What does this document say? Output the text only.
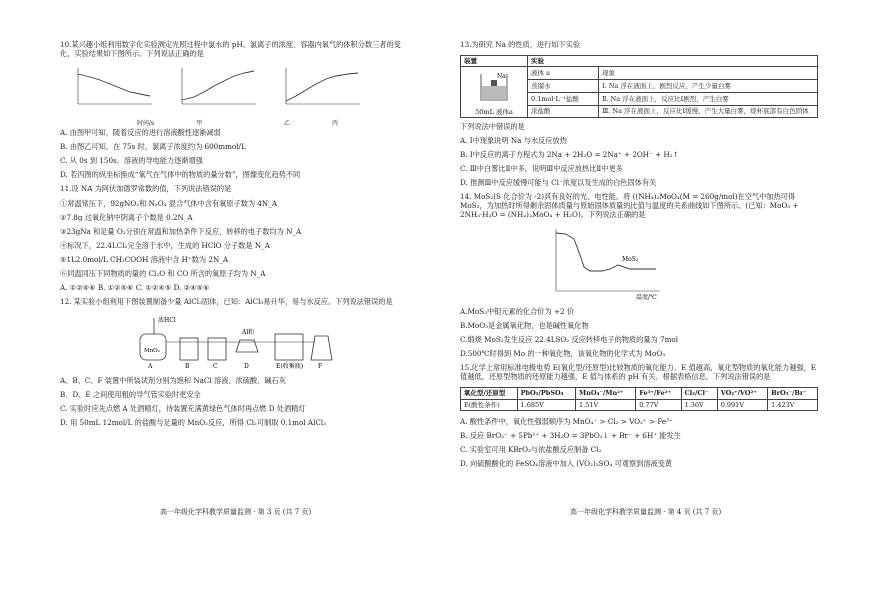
10.某兴趣小组利用数字化实验测定光照过程中氯水的 pH、氯离子的浓度、容器内氧气的体积分数三者的变化，实验结果如下图所示。下列说法正确的是

时间/s	甲	乙	丙

A. 由图甲可知，随着反应的进行溶液酸性逐渐减弱

B. 由图乙可知，在 75s 时，氯离子浓度约为 600mmol/L

C. 从 0s 到 150s，溶液的导电能力逐渐增强

D. 若丙图的纵坐标换成“氧气在气体中的物质的量分数”，图像变化趋势不同

11.设 NA 为阿伏加德罗常数的值，下列说法错误的是

①常温常压下，92gNO₂和 N₂O₄ 混合气体中含有氧原子数为 4N_A

②7.8g 过氧化钠中阴离子个数是 0.2N_A

③23gNa 和足量 O₂分别在常温和加热条件下反应，转移的电子数均为 N_A

④标况下，22.4LCl₂完全溶于水中，生成的 HClO 分子数是 N_A

⑤1L2.0mol/L CH₃COOH 溶液中含 H⁺数为 2N_A

⑥同温同压下同物质的量的 Cl₂O 和 CO 所含的氧原子均为 N_A

A. ①②④⑥ B. ①②⑤⑥ C. ①②④⑤ D. ②④⑤⑥

12. 某实验小组利用下图装置制备少量 AlCl₃固体，已知：AlCl₃易升华，易与水反应。下列说法错误的是

A	B	C	D	E(收集瓶) F
浓HCl
MnO₂
Al粉

A、B、C、F 装置中所装试剂分别为饱和 NaCl 溶液、浓硫酸、碱石灰

B．D、E 之间使用粗的导气管实验时更安全

C. 实验时应先点燃 A 处酒精灯，待装置充满黄绿色气体时再点燃 D 处酒精灯

D. 用 50mL 12mol/L 的盐酸与足量的 MnO₂反应，所得 Cl₂可制取 0.1mol AlCl₃

高一年级化学科教学质量监测 · 第 3 页 (共 7 页)

13.为研究 Na 的性质，进行如下实验

装置	实验	

Na
50mL 液体a	液体 a	现象
	蒸馏水	Ⅰ. Na 浮在液面上，剧烈反应，产生少量白雾
	0.1mol·L⁻¹盐酸	Ⅱ. Na 浮在液面上，反应比Ⅰ剧烈，产生白雾
	浓盐酸	Ⅲ. Na 浮在液面上，反应比Ⅰ缓慢，产生大量白雾，烧杯底部有白色固体

下列说法中错误的是

A. Ⅰ中现象说明 Na 与水反应放热

B. Ⅰ中反应的离子方程式为 2Na + 2H₂O = 2Na⁺ + 2OH⁻ + H₂↑

C. Ⅲ中白雾比Ⅱ中多，说明Ⅲ中反应放热比Ⅱ中更多

D. 推测Ⅲ中反应缓慢可能与 Cl⁻浓度以及生成的白色固体有关

14. MoS₂(S 化合价为 -2)具有良好的光、电性能。将 ((NH₄)₂MoO₄(M = 260g/mol)在空气中加热可得 MoS₃，为加热时所得剩余固体质量与原始固体质量的比值与温度的关系曲线如下图所示。(已知：MoO₃ + 2NH₃·H₂O = (NH₄)₂MoO₄ + H₂O)。下列说法正确的是

MoS₂
温度/℃

A.MoS₂中钼元素的化合价为 +2 价

B.MoO₃是金属氧化物，也是碱性氧化物

C.煅烧 MoS₂发生反应 22.4LSO₂ 反应转移电子的物质的量为 7mol

D.500℃时得到 Mo 的一种氧化物，该氧化物的化学式为 MoO₃

15.化学上常用标准电极电势 E(氧化型/还原型)比较物质的氧化能力。E 值越高，氧化型物质的氧化能力越强，E 值越低，还原型物质的还原能力越强，E 值与体系的 pH 有关。根据表格信息，下列说法错误的是

氧化型/还原型	PbO₂/PbSO₄	MnO₄⁻/Mn²⁺	Fe³⁺/Fe²⁺	Cl₂/Cl⁻	VO₂⁺/VO²⁺	BrO₃⁻/Br⁻
E(酸性条件)	1.685V	1.51V	0.77V	1.36V	0.991V	1.423V

A. 酸性条件中，氧化性强弱顺序为 MnO₄⁻ > Cl₂ > VO₂⁺ > Fe³⁺

B. 反应 BrO₃⁻ + 5Pb²⁺ + 3H₂O = 3PbO₂↓ + Br⁻ + 6H⁺ 能发生

C. 实验室可用 KBrO₃与浓盐酸反应制备 Cl₂

D. 向硫酸酸化的 FeSO₄溶液中加入 (VO₂)₂SO₄ 可观察到溶液变黄

高一年级化学科教学质量监测 · 第 4 页 (共 7 页)
